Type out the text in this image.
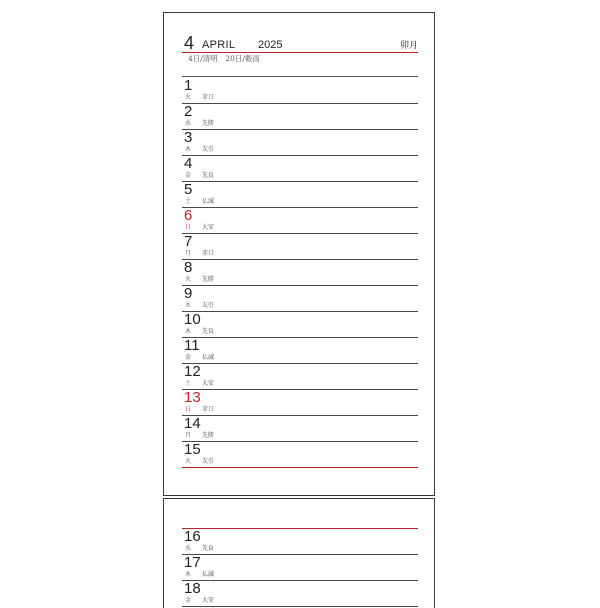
4 APRIL 2025	卯月
4日/清明　20日/穀雨
1
火 赤口
2
水 先勝
3
木 友引
4
金 先負
5
土 仏滅
6
日 大安
7
月 赤口
8
火 先勝
9
水 友引
10
木 先負
11
金 仏滅
12
土 大安
13
日 赤口
14
月 先勝
15
火 友引
16
水 先負
17
木 仏滅
18
金 大安
